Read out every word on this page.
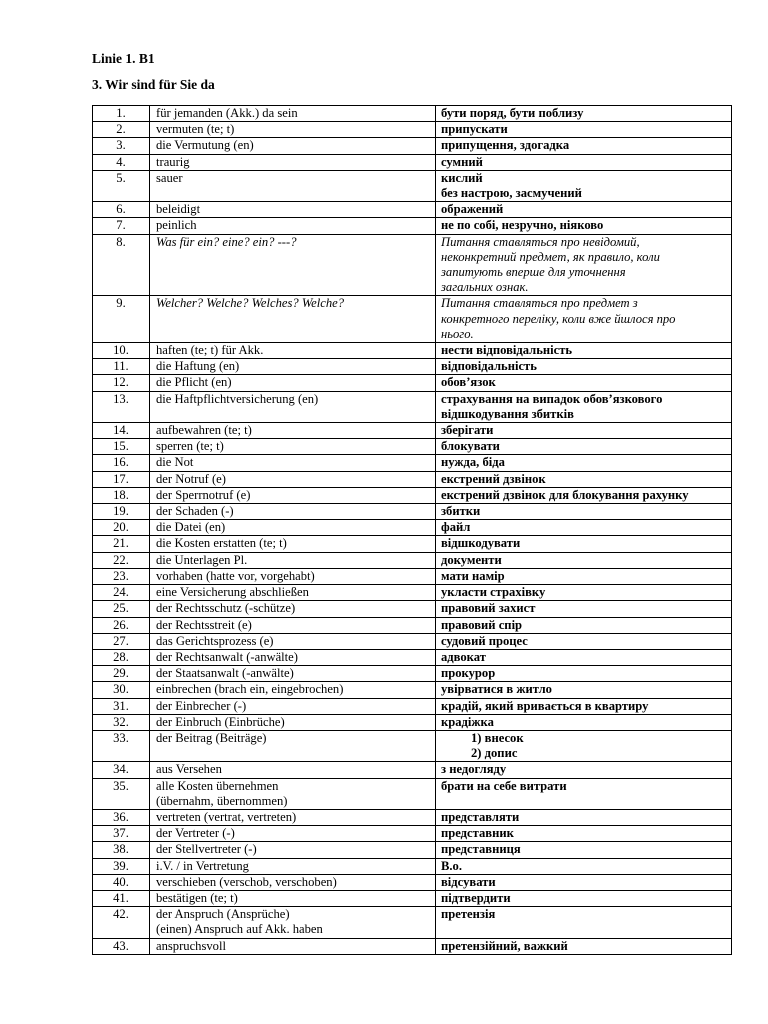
Linie 1. B1
3. Wir sind für Sie da
1.	für jemanden (Akk.) da sein	бути поряд, бути поблизу

2.	vermuten (te; t)	припускати

3.	die Vermutung (en)	припущення, здогадка

4.	traurig	сумний

5.	sauer	кислий
без настрою, засмучений

6.	beleidigt	ображений

7.	peinlich	не по собі, незручно, ніяково

8.	Was für ein? eine? ein? ---?	Питання ставляться про невідомий,
неконкретний предмет, як правило, коли
запитують вперше для уточнення
загальних ознак.

9.	Welcher? Welche? Welches? Welche?	Питання ставляться про предмет з
конкретного переліку, коли вже йшлося про
нього.

10.	haften (te; t) für Akk.	нести відповідальність

11.	die Haftung (en)	відповідальність

12.	die Pflicht (en)	обов’язок

13.	die Haftpflichtversicherung (en)	страхування на випадок обов’язкового
відшкодування збитків

14.	aufbewahren (te; t)	зберігати

15.	sperren (te; t)	блокувати

16.	die Not	нужда, біда

17.	der Notruf (e)	екстрений дзвінок

18.	der Sperrnotruf (e)	екстрений дзвінок для блокування рахунку

19.	der Schaden (-)	збитки

20.	die Datei (en)	файл

21.	die Kosten erstatten (te; t)	відшкодувати

22.	die Unterlagen Pl.	документи

23.	vorhaben (hatte vor, vorgehabt)	мати намір

24.	eine Versicherung abschließen	укласти страхівку

25.	der Rechtsschutz (-schütze)	правовий захист

26.	der Rechtsstreit (e)	правовий спір

27.	das Gerichtsprozess (e)	судовий процес

28.	der Rechtsanwalt (-anwälte)	адвокат

29.	der Staatsanwalt (-anwälte)	прокурор

30.	einbrechen (brach ein, eingebrochen)	увірватися в житло

31.	der Einbrecher (-)	крадій, який вривається в квартиру

32.	der Einbruch (Einbrüche)	крадіжка

33.	der Beitrag (Beiträge)	1) внесок
2) допис

34.	aus Versehen	з недогляду

35.	alle Kosten übernehmen
(übernahm, übernommen)	брати на себе витрати

36.	vertreten (vertrat, vertreten)	представляти

37.	der Vertreter (-)	представник

38.	der Stellvertreter (-)	представниця

39.	i.V. / in Vertretung	В.о.

40.	verschieben (verschob, verschoben)	відсувати

41.	bestätigen (te; t)	підтвердити

42.	der Anspruch (Ansprüche)
(einen) Anspruch auf Akk. haben	претензія

43.	anspruchsvoll	претензійний, важкий
